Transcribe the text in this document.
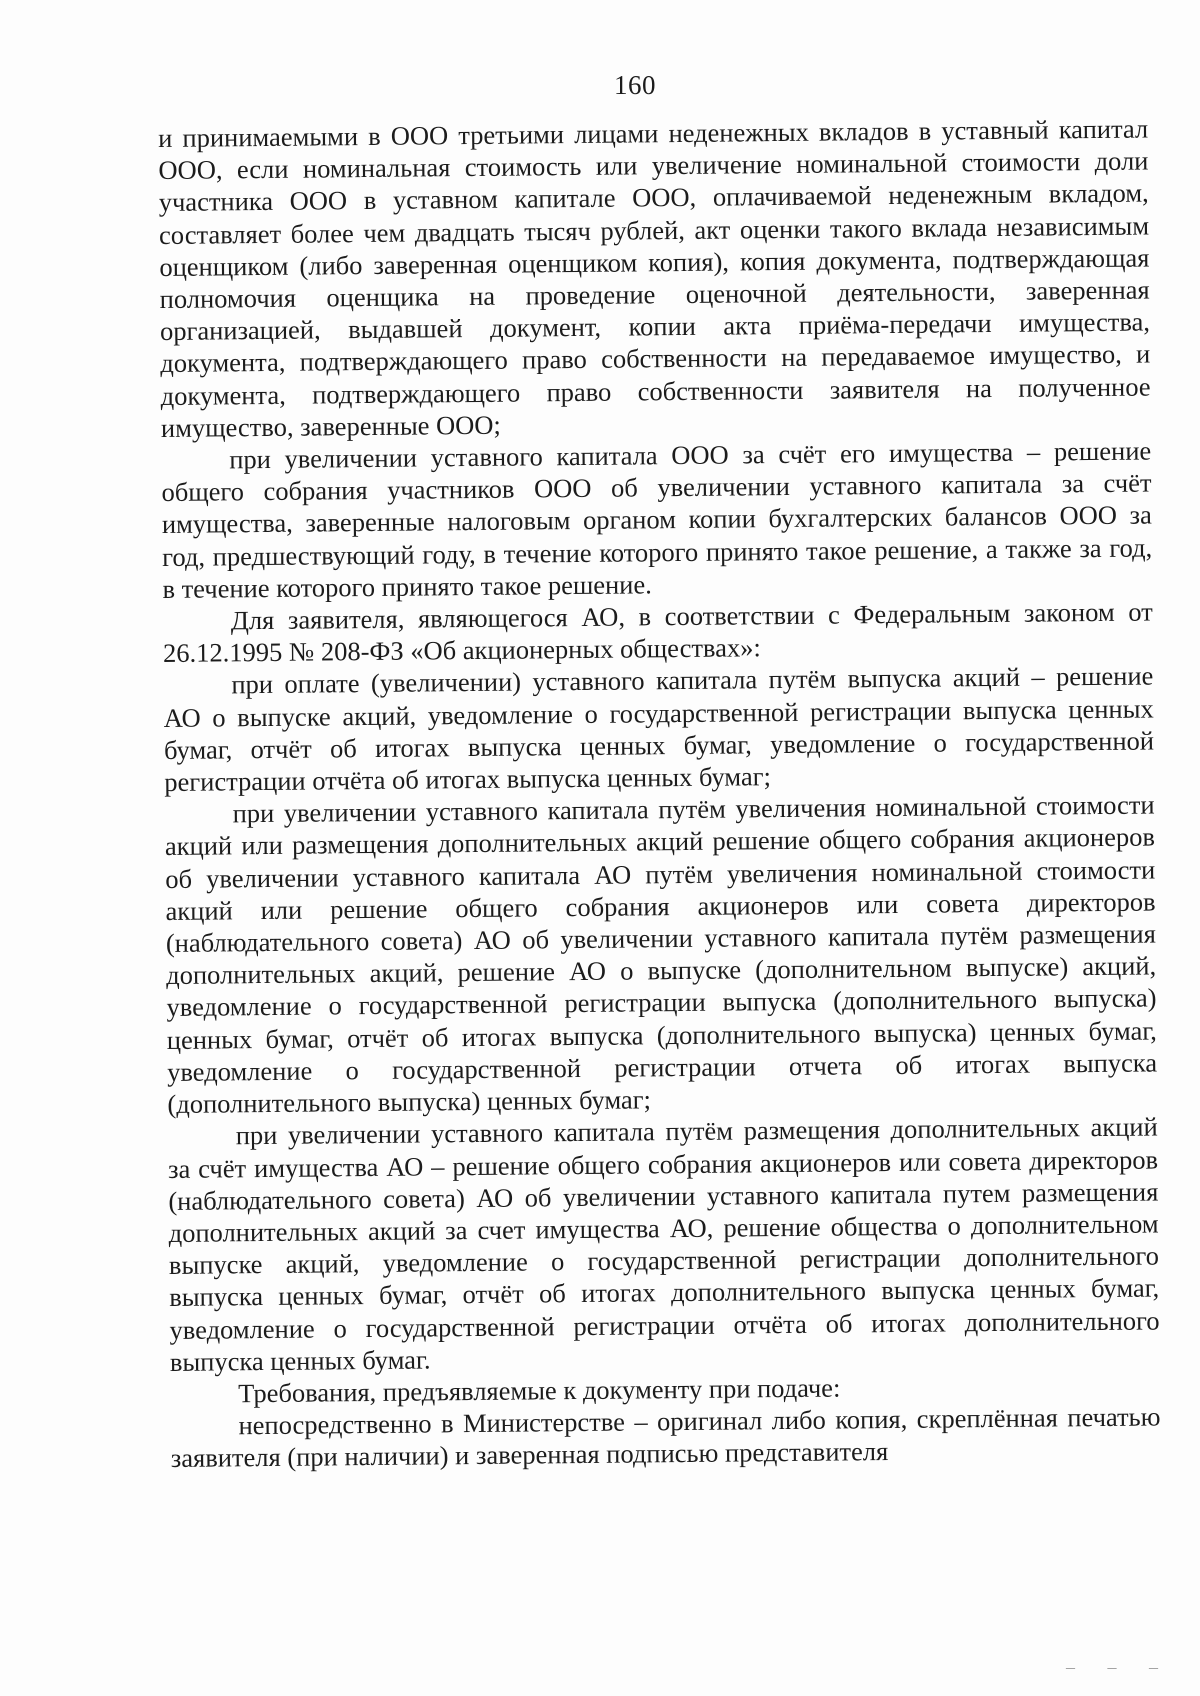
160

и принимаемыми в ООО третьими лицами неденежных вкладов в уставный капитал ООО, если номинальная стоимость или увеличение номинальной стоимости доли участника ООО в уставном капитале ООО, оплачиваемой неденежным вкладом, составляет более чем двадцать тысяч рублей, акт оценки такого вклада независимым оценщиком (либо заверенная оценщиком копия), копия документа, подтверждающая полномочия оценщика на проведение оценочной деятельности, заверенная организацией, выдавшей документ, копии акта приёма-передачи имущества, документа, подтверждающего право собственности на передаваемое имущество, и документа, подтверждающего право собственности заявителя на полученное имущество, заверенные ООО;

при увеличении уставного капитала ООО за счёт его имущества – решение общего собрания участников ООО об увеличении уставного капитала за счёт имущества, заверенные налоговым органом копии бухгалтерских балансов ООО за год, предшествующий году, в течение которого принято такое решение, а также за год, в течение которого принято такое решение.

Для заявителя, являющегося АО, в соответствии с Федеральным законом от 26.12.1995 № 208-ФЗ «Об акционерных обществах»:

при оплате (увеличении) уставного капитала путём выпуска акций – решение АО о выпуске акций, уведомление о государственной регистрации выпуска ценных бумаг, отчёт об итогах выпуска ценных бумаг, уведомление о государственной регистрации отчёта об итогах выпуска ценных бумаг;

при увеличении уставного капитала путём увеличения номинальной стоимости акций или размещения дополнительных акций решение общего собрания акционеров об увеличении уставного капитала АО путём увеличения номинальной стоимости акций или решение общего собрания акционеров или совета директоров (наблюдательного совета) АО об увеличении уставного капитала путём размещения дополнительных акций, решение АО о выпуске (дополнительном выпуске) акций, уведомление о государственной регистрации выпуска (дополнительного выпуска) ценных бумаг, отчёт об итогах выпуска (дополнительного выпуска) ценных бумаг, уведомление о государственной регистрации отчета об итогах выпуска (дополнительного выпуска) ценных бумаг;

при увеличении уставного капитала путём размещения дополнительных акций за счёт имущества АО – решение общего собрания акционеров или совета директоров (наблюдательного совета) АО об увеличении уставного капитала путем размещения дополнительных акций за счет имущества АО, решение общества о дополнительном выпуске акций, уведомление о государственной регистрации дополнительного выпуска ценных бумаг, отчёт об итогах дополнительного выпуска ценных бумаг, уведомление о государственной регистрации отчёта об итогах дополнительного выпуска ценных бумаг.

Требования, предъявляемые к документу при подаче:

непосредственно в Министерстве – оригинал либо копия, скреплённая печатью заявителя (при наличии) и заверенная подписью представителя

– – –
